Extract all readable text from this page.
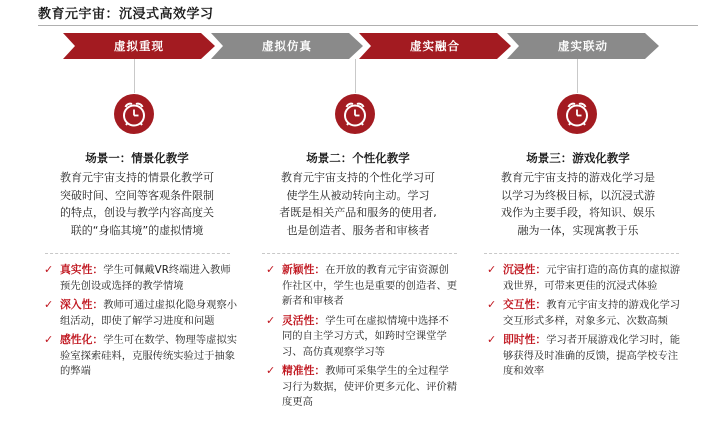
教育元宇宙：沉浸式高效学习
虚拟重现	虚拟仿真	虚实融合	虚实联动
场景一：情景化教学
教育元宇宙支持的情景化教学可
突破时间、空间等客观条件限制
的特点，创设与教学内容高度关
联的“身临其境”的虚拟情境
场景二：个性化教学
教育元宇宙支持的个性化学习可
使学生从被动转向主动。学习
者既是相关产品和服务的使用者,
也是创造者、服务者和审核者
场景三：游戏化教学
教育元宇宙支持的游戏化学习是
以学习为终极目标，以沉浸式游
戏作为主要手段，将知识、娱乐
融为一体，实现寓教于乐
✓ 真实性：学生可佩戴VR终端进入教师预先创设或选择的教学情境
✓ 深入性：教师可通过虚拟化隐身观察小组活动，即使了解学习进度和问题
✓ 感性化：学生可在数学、物理等虚拟实验室探索硅料，克服传统实验过于抽象的弊端
✓ 新颖性：在开放的教育元宇宙资源创作社区中，学生也是重要的创造者、更新者和审核者
✓ 灵活性：学生可在虚拟情境中选择不同的自主学习方式，如跨时空课堂学习、高仿真观察学习等
✓ 精准性：教师可采集学生的全过程学习行为数据，使评价更多元化、评价精度更高
✓ 沉浸性：元宇宙打造的高仿真的虚拟游戏世界，可带来更佳的沉浸式体验
✓ 交互性：教育元宇宙支持的游戏化学习交互形式多样，对象多元、次数高频
✓ 即时性：学习者开展游戏化学习时，能够获得及时准确的反馈，提高学校专注度和效率
